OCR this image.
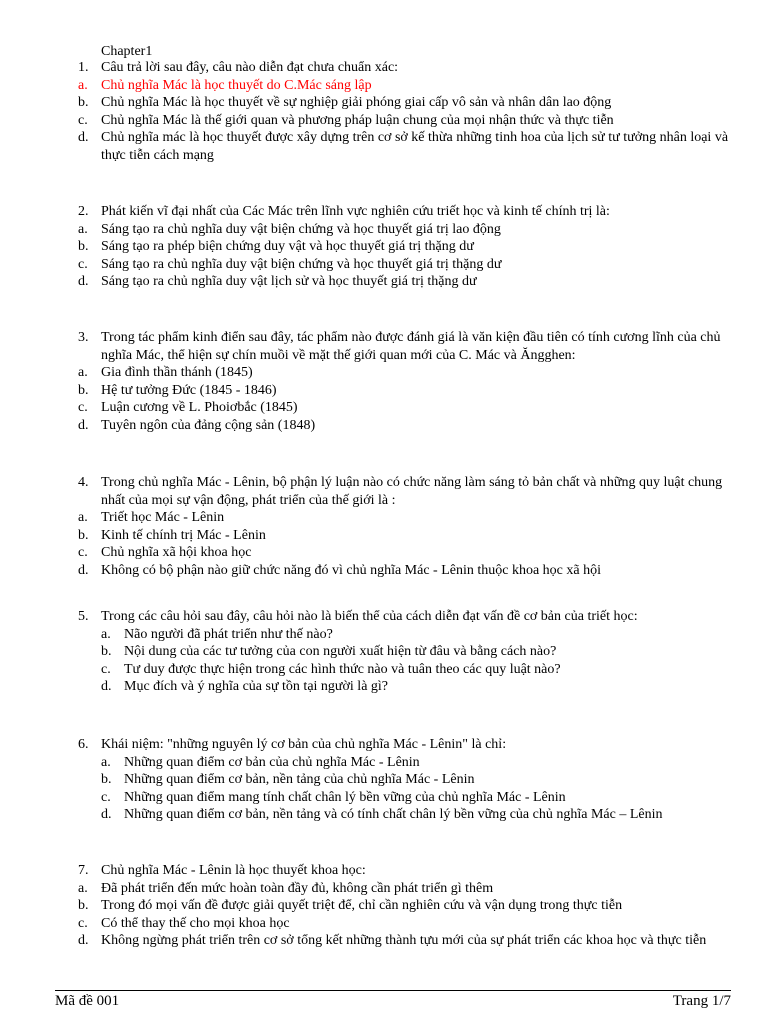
Chapter1
1. Câu trả lời sau đây, câu nào diễn đạt chưa chuẩn xác:
a. Chủ nghĩa Mác là học thuyết do C.Mác sáng lập
b. Chủ nghĩa Mác là học thuyết về sự nghiệp giải phóng giai cấp vô sản và nhân dân lao động
c. Chủ nghĩa Mác là thế giới quan và phương pháp luận chung của mọi nhận thức và thực tiễn
d. Chủ nghĩa mác là học thuyết được xây dựng trên cơ sở kế thừa những tinh hoa của lịch sử tư tưởng nhân loại và thực tiễn cách mạng
2. Phát kiến vĩ đại nhất của Các Mác trên lĩnh vực nghiên cứu triết học và kinh tế chính trị là:
a. Sáng tạo ra chủ nghĩa duy vật biện chứng và học thuyết giá trị lao động
b. Sáng tạo ra phép biện chứng duy vật và học thuyết giá trị thặng dư
c. Sáng tạo ra chủ nghĩa duy vật biện chứng và học thuyết giá trị thặng dư
d. Sáng tạo ra chủ nghĩa duy vật lịch sử và học thuyết giá trị thặng dư
3. Trong tác phẩm kinh điển sau đây, tác phẩm nào được đánh giá là văn kiện đầu tiên có tính cương lĩnh của chủ nghĩa Mác, thể hiện sự chín muồi về mặt thế giới quan mới của C. Mác và Ăngghen:
a. Gia đình thần thánh (1845)
b. Hệ tư tưởng Đức (1845 - 1846)
c. Luận cương về L. Phoiơbắc (1845)
d. Tuyên ngôn của đảng cộng sản (1848)
4. Trong chủ nghĩa Mác - Lênin, bộ phận lý luận nào có chức năng làm sáng tỏ bản chất và những quy luật chung nhất của mọi sự vận động, phát triển của thế giới là :
a. Triết học Mác - Lênin
b. Kinh tế chính trị Mác - Lênin
c. Chủ nghĩa xã hội khoa học
d. Không có bộ phận nào giữ chức năng đó vì chủ nghĩa Mác - Lênin thuộc khoa học xã hội
5. Trong các câu hỏi sau đây, câu hỏi nào là biến thể của cách diễn đạt vấn đề cơ bản của triết học:
a. Não người đã phát triển như thế nào?
b. Nội dung của các tư tưởng của con người xuất hiện từ đâu và bằng cách nào?
c. Tư duy được thực hiện trong các hình thức nào và tuân theo các quy luật nào?
d. Mục đích và ý nghĩa của sự tồn tại người là gì?
6. Khái niệm: "những nguyên lý cơ bản của chủ nghĩa Mác - Lênin" là chỉ:
a. Những quan điểm cơ bản của chủ nghĩa Mác - Lênin
b. Những quan điểm cơ bản, nền tảng của chủ nghĩa Mác - Lênin
c. Những quan điểm mang tính chất chân lý bền vững của chủ nghĩa Mác - Lênin
d. Những quan điểm cơ bản, nền tảng và có tính chất chân lý bền vững của chủ nghĩa Mác – Lênin
7. Chủ nghĩa Mác - Lênin là học thuyết khoa học:
a. Đã phát triển đến mức hoàn toàn đầy đủ, không cần phát triển gì thêm
b. Trong đó mọi vấn đề được giải quyết triệt để, chỉ cần nghiên cứu và vận dụng trong thực tiễn
c. Có thể thay thế cho mọi khoa học
d. Không ngừng phát triển trên cơ sở tổng kết những thành tựu mới của sự phát triển các khoa học và thực tiễn
Mã đề 001	Trang 1/7
